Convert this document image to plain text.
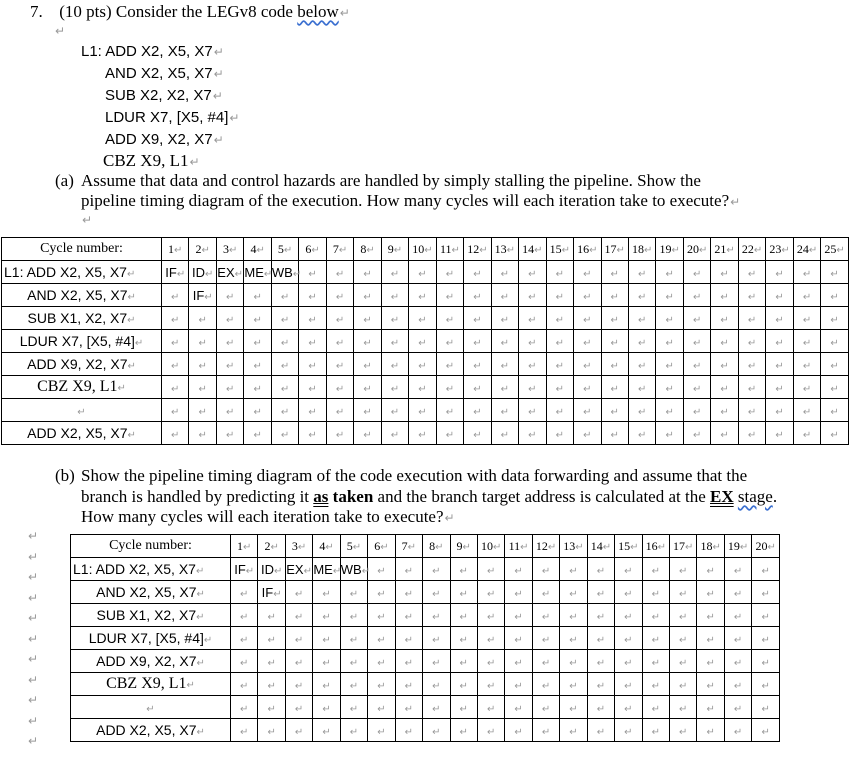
7. (10 pts) Consider the LEGv8 code below↵
↵
L1: ADD X2, X5, X7↵
AND X2, X5, X7↵
SUB X2, X2, X7↵
LDUR X7, [X5, #4]↵
ADD X9, X2, X7↵
CBZ X9, L1↵
(a) Assume that data and control hazards are handled by simply stalling the pipeline. Show the
pipeline timing diagram of the execution. How many cycles will each iteration take to execute?↵
↵
Cycle number:	1↵	2↵	3↵	4↵	5↵	6↵	7↵	8↵	9↵	10↵	11↵	12↵	13↵	14↵	15↵	16↵	17↵	18↵	19↵	20↵	21↵	22↵	23↵	24↵	25↵
L1: ADD X2, X5, X7↵	IF↵	ID↵	EX↵	ME↵	WB↵	↵	↵	↵	↵	↵	↵	↵	↵	↵	↵	↵	↵	↵	↵	↵	↵	↵	↵	↵	↵
AND X2, X5, X7↵	↵	IF↵	↵	↵	↵	↵	↵	↵	↵	↵	↵	↵	↵	↵	↵	↵	↵	↵	↵	↵	↵	↵	↵	↵	↵
SUB X1, X2, X7↵	↵	↵	↵	↵	↵	↵	↵	↵	↵	↵	↵	↵	↵	↵	↵	↵	↵	↵	↵	↵	↵	↵	↵	↵	↵
LDUR X7, [X5, #4]↵	↵	↵	↵	↵	↵	↵	↵	↵	↵	↵	↵	↵	↵	↵	↵	↵	↵	↵	↵	↵	↵	↵	↵	↵	↵
ADD X9, X2, X7↵	↵	↵	↵	↵	↵	↵	↵	↵	↵	↵	↵	↵	↵	↵	↵	↵	↵	↵	↵	↵	↵	↵	↵	↵	↵
CBZ X9, L1↵	↵	↵	↵	↵	↵	↵	↵	↵	↵	↵	↵	↵	↵	↵	↵	↵	↵	↵	↵	↵	↵	↵	↵	↵	↵
↵	↵	↵	↵	↵	↵	↵	↵	↵	↵	↵	↵	↵	↵	↵	↵	↵	↵	↵	↵	↵	↵	↵	↵	↵	↵
ADD X2, X5, X7↵	↵	↵	↵	↵	↵	↵	↵	↵	↵	↵	↵	↵	↵	↵	↵	↵	↵	↵	↵	↵	↵	↵	↵	↵	↵
(b) Show the pipeline timing diagram of the code execution with data forwarding and assume that the
branch is handled by predicting it as taken and the branch target address is calculated at the EX stage.
How many cycles will each iteration take to execute?↵
↵
↵
↵
↵
↵
↵
↵
↵
↵
↵
↵
Cycle number:	1↵	2↵	3↵	4↵	5↵	6↵	7↵	8↵	9↵	10↵	11↵	12↵	13↵	14↵	15↵	16↵	17↵	18↵	19↵	20↵
L1: ADD X2, X5, X7↵	IF↵	ID↵	EX↵	ME↵	WB↵	↵	↵	↵	↵	↵	↵	↵	↵	↵	↵	↵	↵	↵	↵	↵
AND X2, X5, X7↵	↵	IF↵	↵	↵	↵	↵	↵	↵	↵	↵	↵	↵	↵	↵	↵	↵	↵	↵	↵	↵
SUB X1, X2, X7↵	↵	↵	↵	↵	↵	↵	↵	↵	↵	↵	↵	↵	↵	↵	↵	↵	↵	↵	↵	↵
LDUR X7, [X5, #4]↵	↵	↵	↵	↵	↵	↵	↵	↵	↵	↵	↵	↵	↵	↵	↵	↵	↵	↵	↵	↵
ADD X9, X2, X7↵	↵	↵	↵	↵	↵	↵	↵	↵	↵	↵	↵	↵	↵	↵	↵	↵	↵	↵	↵	↵
CBZ X9, L1↵	↵	↵	↵	↵	↵	↵	↵	↵	↵	↵	↵	↵	↵	↵	↵	↵	↵	↵	↵	↵
↵	↵	↵	↵	↵	↵	↵	↵	↵	↵	↵	↵	↵	↵	↵	↵	↵	↵	↵	↵	↵
ADD X2, X5, X7↵	↵	↵	↵	↵	↵	↵	↵	↵	↵	↵	↵	↵	↵	↵	↵	↵	↵	↵	↵	↵
